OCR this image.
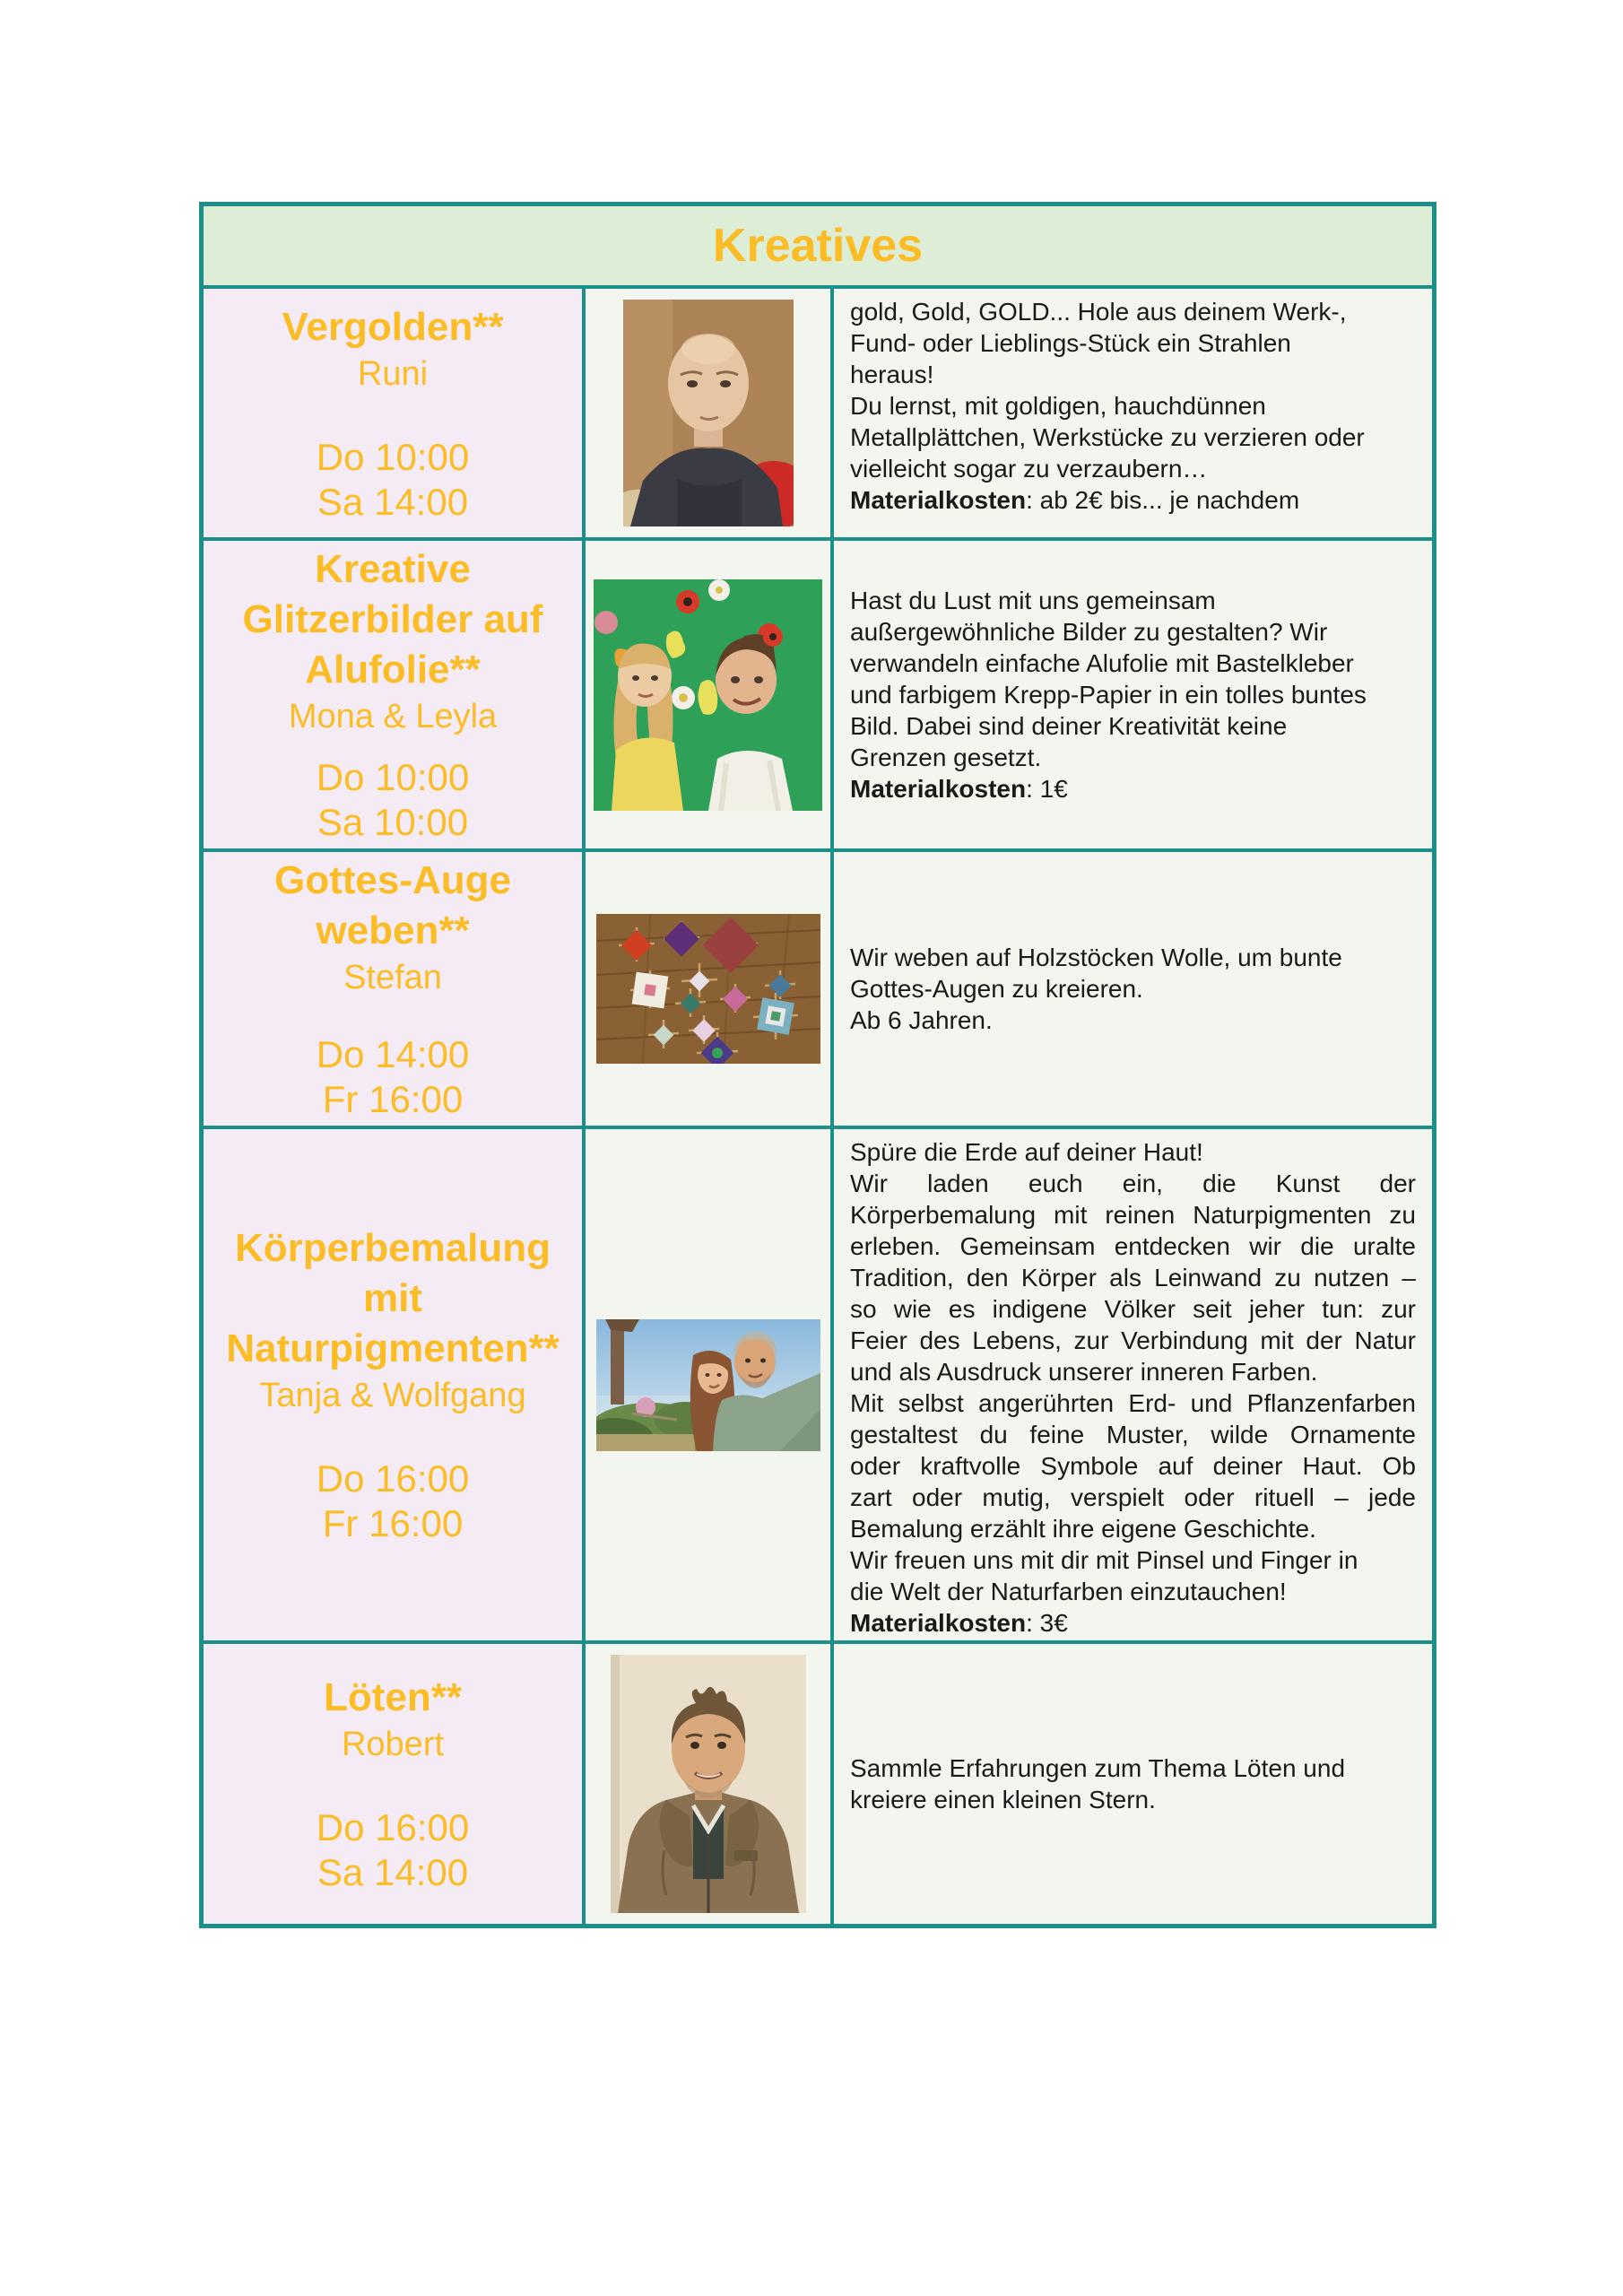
Kreatives
Vergolden**
Runi
Do 10:00
Sa 14:00
gold, Gold, GOLD... Hole aus deinem Werk-,
Fund- oder Lieblings-Stück ein Strahlen
heraus!
Du lernst, mit goldigen, hauchdünnen
Metallplättchen, Werkstücke zu verzieren oder
vielleicht sogar zu verzaubern…
Materialkosten: ab 2€ bis... je nachdem
Kreative
Glitzerbilder auf
Alufolie**
Mona & Leyla
Do 10:00
Sa 10:00
Hast du Lust mit uns gemeinsam
außergewöhnliche Bilder zu gestalten? Wir
verwandeln einfache Alufolie mit Bastelkleber
und farbigem Krepp-Papier in ein tolles buntes
Bild. Dabei sind deiner Kreativität keine
Grenzen gesetzt.
Materialkosten: 1€
Gottes-Auge
weben**
Stefan
Do 14:00
Fr 16:00
Wir weben auf Holzstöcken Wolle, um bunte
Gottes-Augen zu kreieren.
Ab 6 Jahren.
Körperbemalung
mit
Naturpigmenten**
Tanja & Wolfgang
Do 16:00
Fr 16:00
Spüre die Erde auf deiner Haut!
Wir laden euch ein, die Kunst der
Körperbemalung mit reinen Naturpigmenten zu
erleben. Gemeinsam entdecken wir die uralte
Tradition, den Körper als Leinwand zu nutzen –
so wie es indigene Völker seit jeher tun: zur
Feier des Lebens, zur Verbindung mit der Natur
und als Ausdruck unserer inneren Farben.
Mit selbst angerührten Erd- und Pflanzenfarben
gestaltest du feine Muster, wilde Ornamente
oder kraftvolle Symbole auf deiner Haut. Ob
zart oder mutig, verspielt oder rituell – jede
Bemalung erzählt ihre eigene Geschichte.
Wir freuen uns mit dir mit Pinsel und Finger in
die Welt der Naturfarben einzutauchen!
Materialkosten: 3€
Löten**
Robert
Do 16:00
Sa 14:00
Sammle Erfahrungen zum Thema Löten und
kreiere einen kleinen Stern.
